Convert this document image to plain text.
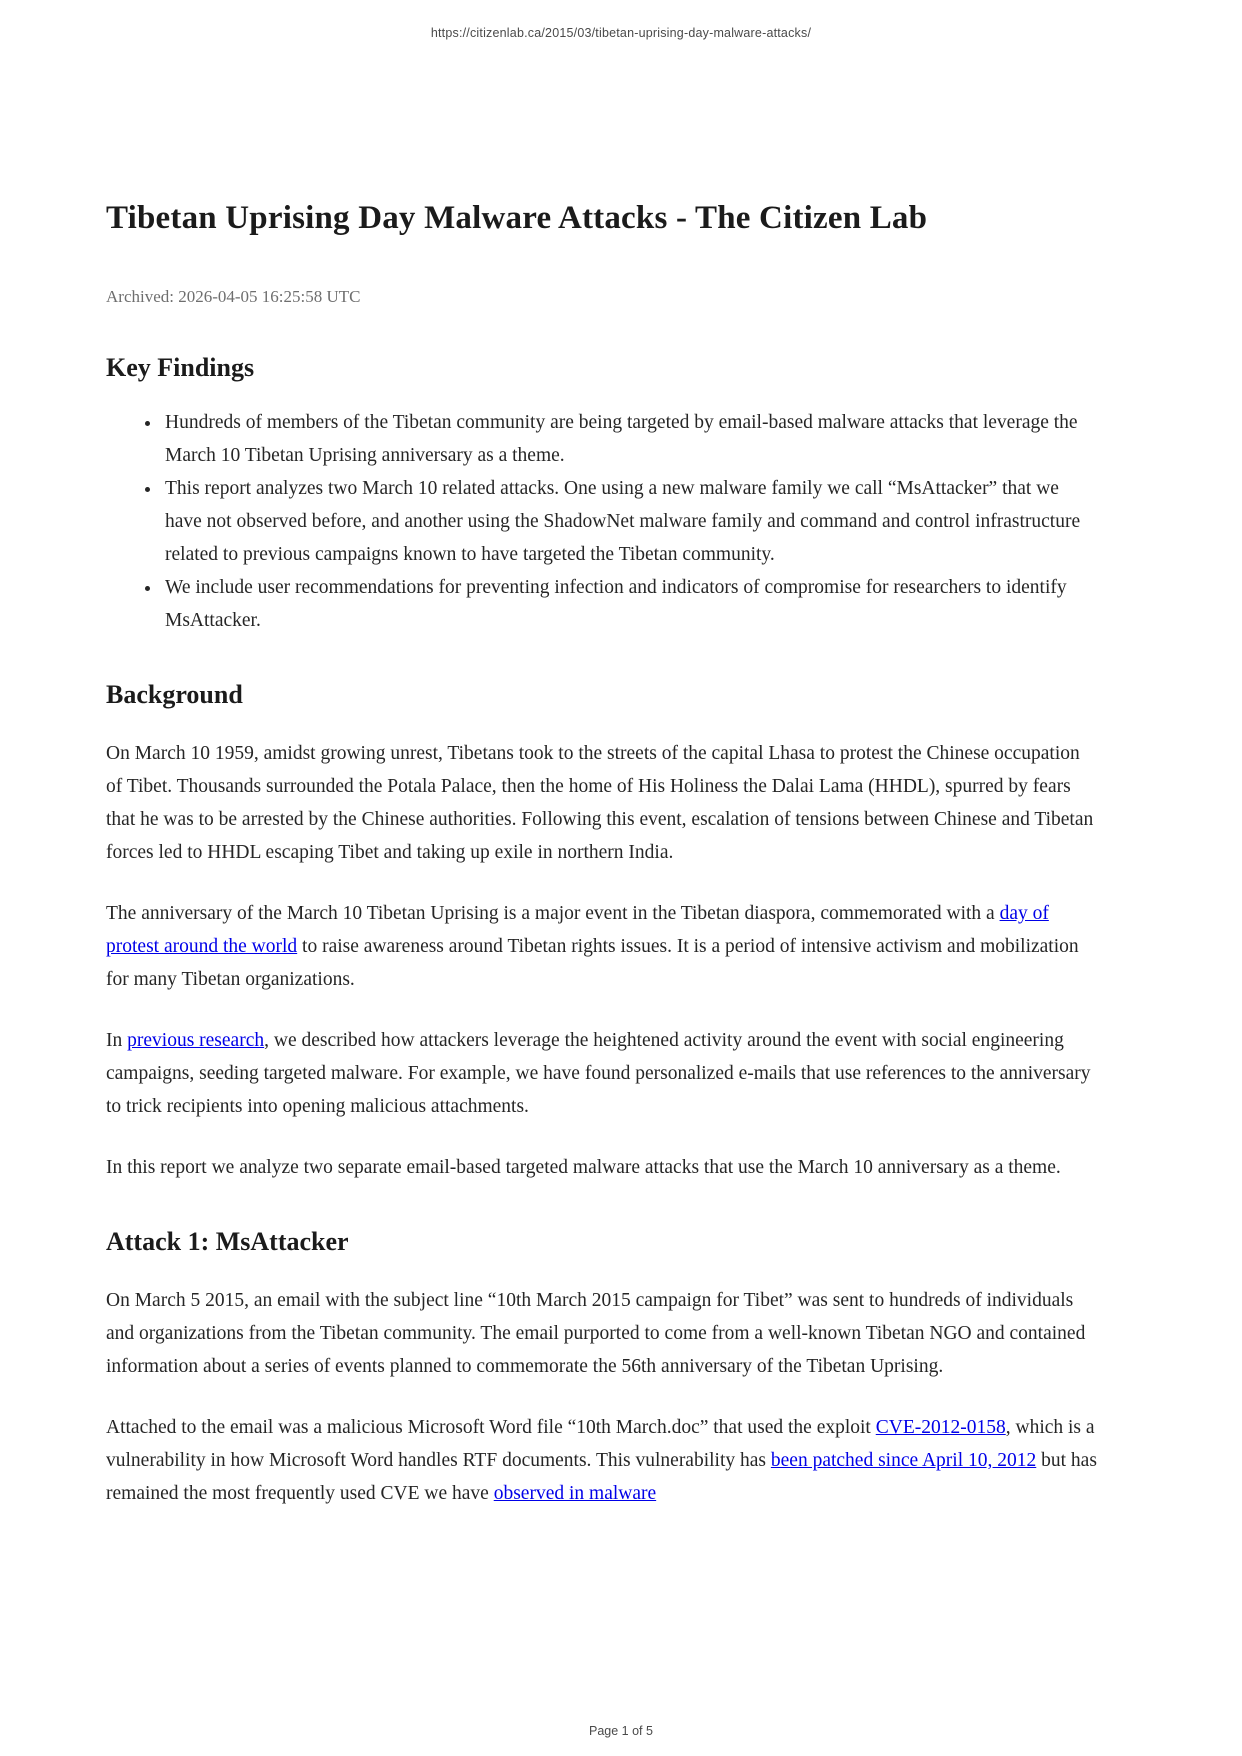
https://citizenlab.ca/2015/03/tibetan-uprising-day-malware-attacks/
Tibetan Uprising Day Malware Attacks - The Citizen Lab
Archived: 2026-04-05 16:25:58 UTC
Key Findings
• Hundreds of members of the Tibetan community are being targeted by email-based malware attacks that leverage the March 10 Tibetan Uprising anniversary as a theme.
• This report analyzes two March 10 related attacks. One using a new malware family we call “MsAttacker” that we have not observed before, and another using the ShadowNet malware family and command and control infrastructure related to previous campaigns known to have targeted the Tibetan community.
• We include user recommendations for preventing infection and indicators of compromise for researchers to identify MsAttacker.
Background

On March 10 1959, amidst growing unrest, Tibetans took to the streets of the capital Lhasa to protest the Chinese occupation of Tibet. Thousands surrounded the Potala Palace, then the home of His Holiness the Dalai Lama (HHDL), spurred by fears that he was to be arrested by the Chinese authorities. Following this event, escalation of tensions between Chinese and Tibetan forces led to HHDL escaping Tibet and taking up exile in northern India.

The anniversary of the March 10 Tibetan Uprising is a major event in the Tibetan diaspora, commemorated with a day of protest around the world to raise awareness around Tibetan rights issues. It is a period of intensive activism and mobilization for many Tibetan organizations.

In previous research, we described how attackers leverage the heightened activity around the event with social engineering campaigns, seeding targeted malware. For example, we have found personalized e-mails that use references to the anniversary to trick recipients into opening malicious attachments.

In this report we analyze two separate email-based targeted malware attacks that use the March 10 anniversary as a theme.

Attack 1: MsAttacker

On March 5 2015, an email with the subject line “10th March 2015 campaign for Tibet” was sent to hundreds of individuals and organizations from the Tibetan community. The email purported to come from a well-known Tibetan NGO and contained information about a series of events planned to commemorate the 56th anniversary of the Tibetan Uprising.

Attached to the email was a malicious Microsoft Word file “10th March.doc” that used the exploit CVE-2012-0158, which is a vulnerability in how Microsoft Word handles RTF documents. This vulnerability has been patched since April 10, 2012 but has remained the most frequently used CVE we have observed in malware

Page 1 of 5
